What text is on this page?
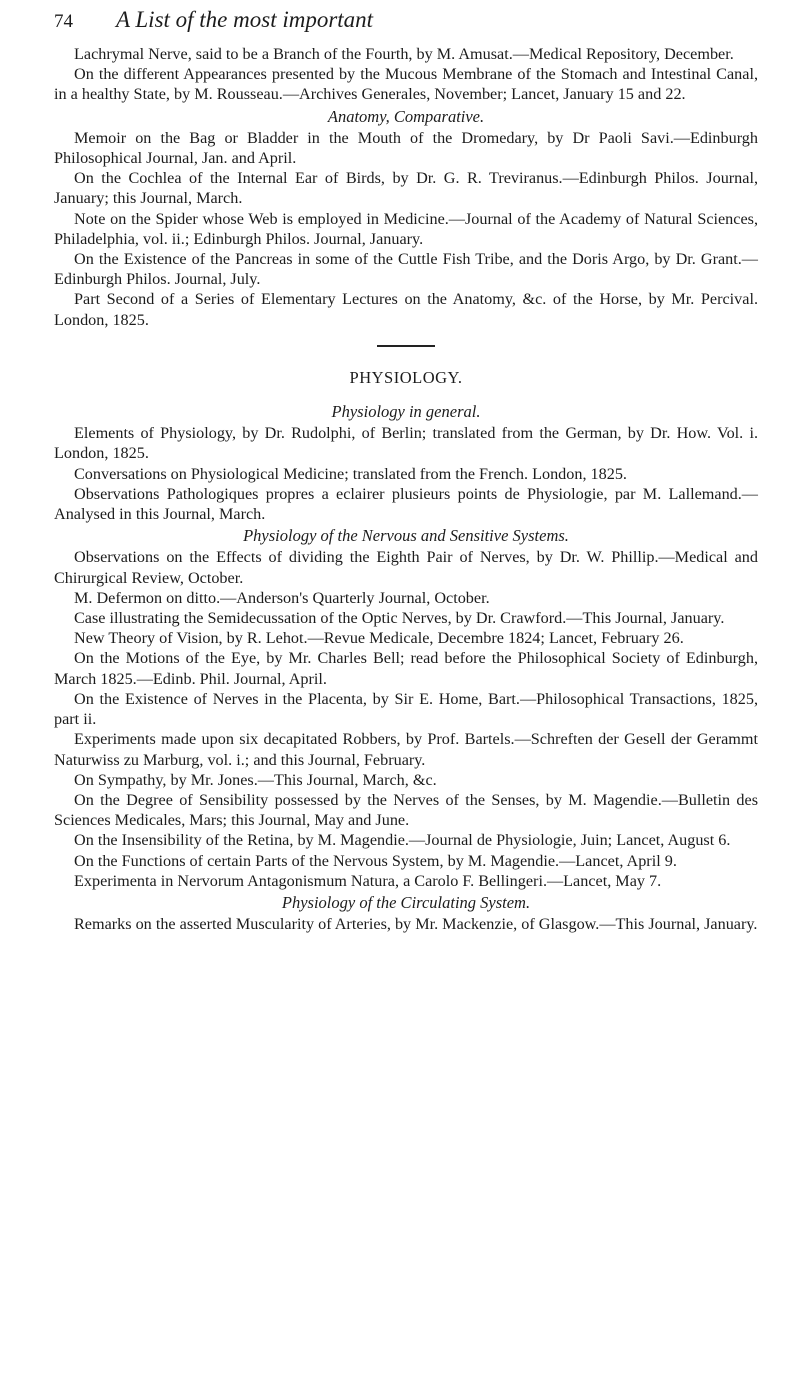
74	A List of the most important

Lachrymal Nerve, said to be a Branch of the Fourth, by M. Amusat.—Medical Repository, December.

On the different Appearances presented by the Mucous Membrane of the Stomach and Intestinal Canal, in a healthy State, by M. Rousseau.—Archives Generales, November; Lancet, January 15 and 22.

Anatomy, Comparative.

Memoir on the Bag or Bladder in the Mouth of the Dromedary, by Dr Paoli Savi.—Edinburgh Philosophical Journal, Jan. and April.

On the Cochlea of the Internal Ear of Birds, by Dr. G. R. Treviranus.—Edinburgh Philos. Journal, January; this Journal, March.

Note on the Spider whose Web is employed in Medicine.—Journal of the Academy of Natural Sciences, Philadelphia, vol. ii.; Edinburgh Philos. Journal, January.

On the Existence of the Pancreas in some of the Cuttle Fish Tribe, and the Doris Argo, by Dr. Grant.—Edinburgh Philos. Journal, July.

Part Second of a Series of Elementary Lectures on the Anatomy, &c. of the Horse, by Mr. Percival. London, 1825.

PHYSIOLOGY.

Physiology in general.

Elements of Physiology, by Dr. Rudolphi, of Berlin; translated from the German, by Dr. How. Vol. i. London, 1825.

Conversations on Physiological Medicine; translated from the French. London, 1825.

Observations Pathologiques propres a eclairer plusieurs points de Physiologie, par M. Lallemand.—Analysed in this Journal, March.

Physiology of the Nervous and Sensitive Systems.

Observations on the Effects of dividing the Eighth Pair of Nerves, by Dr. W. Phillip.—Medical and Chirurgical Review, October.

M. Defermon on ditto.—Anderson's Quarterly Journal, October.

Case illustrating the Semidecussation of the Optic Nerves, by Dr. Crawford.—This Journal, January.

New Theory of Vision, by R. Lehot.—Revue Medicale, Decembre 1824; Lancet, February 26.

On the Motions of the Eye, by Mr. Charles Bell; read before the Philosophical Society of Edinburgh, March 1825.—Edinb. Phil. Journal, April.

On the Existence of Nerves in the Placenta, by Sir E. Home, Bart.—Philosophical Transactions, 1825, part ii.

Experiments made upon six decapitated Robbers, by Prof. Bartels.—Schreften der Gesell der Gerammt Naturwiss zu Marburg, vol. i.; and this Journal, February.

On Sympathy, by Mr. Jones.—This Journal, March, &c.

On the Degree of Sensibility possessed by the Nerves of the Senses, by M. Magendie.—Bulletin des Sciences Medicales, Mars; this Journal, May and June.

On the Insensibility of the Retina, by M. Magendie.—Journal de Physiologie, Juin; Lancet, August 6.

On the Functions of certain Parts of the Nervous System, by M. Magendie.—Lancet, April 9.

Experimenta in Nervorum Antagonismum Natura, a Carolo F. Bellingeri.—Lancet, May 7.

Physiology of the Circulating System.

Remarks on the asserted Muscularity of Arteries, by Mr. Mackenzie, of Glasgow.—This Journal, January.
